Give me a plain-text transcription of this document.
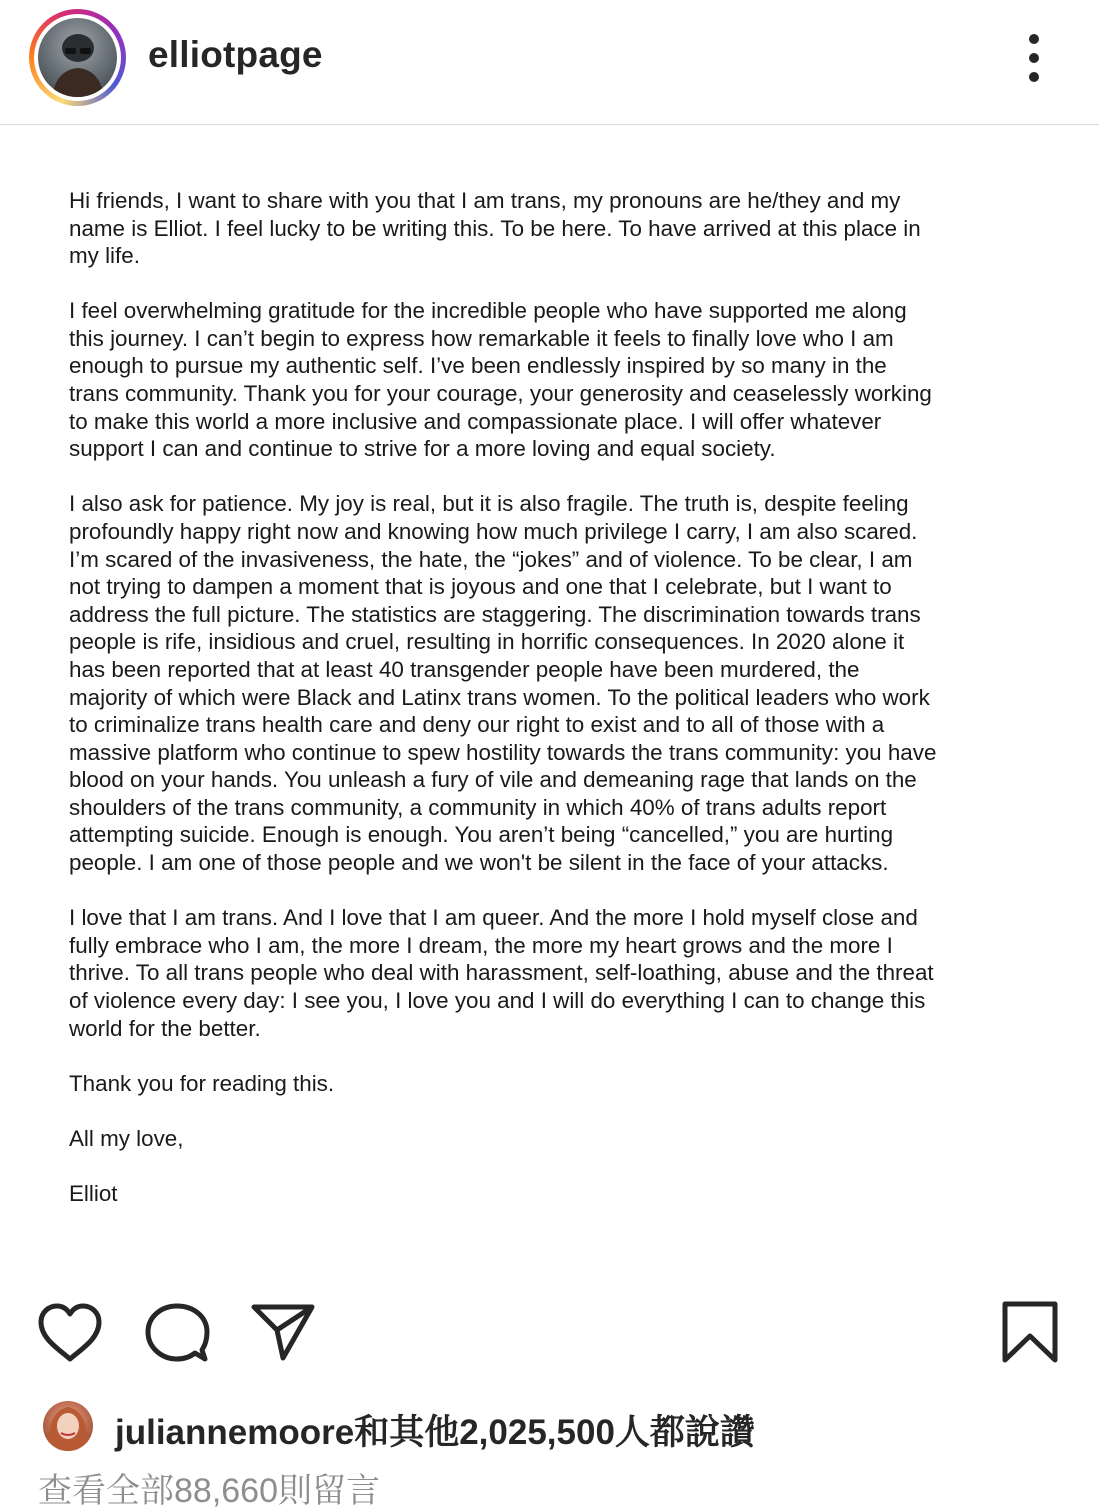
elliotpage

Hi friends, I want to share with you that I am trans, my pronouns are he/they and my
name is Elliot. I feel lucky to be writing this. To be here. To have arrived at this place in
my life.

I feel overwhelming gratitude for the incredible people who have supported me along
this journey. I can’t begin to express how remarkable it feels to finally love who I am
enough to pursue my authentic self. I’ve been endlessly inspired by so many in the
trans community. Thank you for your courage, your generosity and ceaselessly working
to make this world a more inclusive and compassionate place. I will offer whatever
support I can and continue to strive for a more loving and equal society.

I also ask for patience. My joy is real, but it is also fragile. The truth is, despite feeling
profoundly happy right now and knowing how much privilege I carry, I am also scared.
I’m scared of the invasiveness, the hate, the “jokes” and of violence. To be clear, I am
not trying to dampen a moment that is joyous and one that I celebrate, but I want to
address the full picture. The statistics are staggering. The discrimination towards trans
people is rife, insidious and cruel, resulting in horrific consequences. In 2020 alone it
has been reported that at least 40 transgender people have been murdered, the
majority of which were Black and Latinx trans women. To the political leaders who work
to criminalize trans health care and deny our right to exist and to all of those with a
massive platform who continue to spew hostility towards the trans community: you have
blood on your hands. You unleash a fury of vile and demeaning rage that lands on the
shoulders of the trans community, a community in which 40% of trans adults report
attempting suicide. Enough is enough. You aren’t being “cancelled,” you are hurting
people. I am one of those people and we won't be silent in the face of your attacks.

I love that I am trans. And I love that I am queer. And the more I hold myself close and
fully embrace who I am, the more I dream, the more my heart grows and the more I
thrive. To all trans people who deal with harassment, self-loathing, abuse and the threat
of violence every day: I see you, I love you and I will do everything I can to change this
world for the better.

Thank you for reading this.

All my love,

Elliot

juliannemoore和其他2,025,500人都說讚
查看全部88,660則留言
